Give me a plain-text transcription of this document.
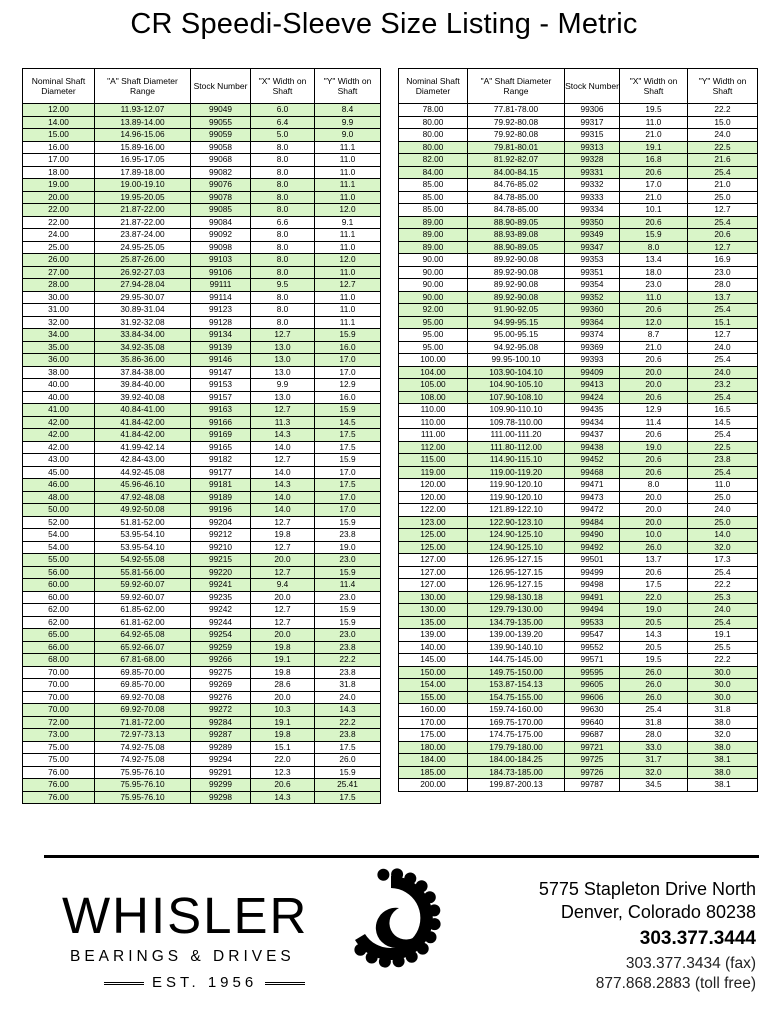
CR Speedi-Sleeve Size Listing - Metric
Nominal Shaft Diameter	"A" Shaft Diameter Range	Stock Number	"X" Width on Shaft	"Y" Width on Shaft
12.00	11.93-12.07	99049	6.0	8.4
14.00	13.89-14.00	99055	6.4	9.9
15.00	14.96-15.06	99059	5.0	9.0
16.00	15.89-16.00	99058	8.0	11.1
17.00	16.95-17.05	99068	8.0	11.0
18.00	17.89-18.00	99082	8.0	11.0
19.00	19.00-19.10	99076	8.0	11.1
20.00	19.95-20.05	99078	8.0	11.0
22.00	21.87-22.00	99085	8.0	12.0
22.00	21.87-22.00	99084	6.6	9.1
24.00	23.87-24.00	99092	8.0	11.1
25.00	24.95-25.05	99098	8.0	11.0
26.00	25.87-26.00	99103	8.0	12.0
27.00	26.92-27.03	99106	8.0	11.0
28.00	27.94-28.04	99111	9.5	12.7
30.00	29.95-30.07	99114	8.0	11.0
31.00	30.89-31.04	99123	8.0	11.0
32.00	31.92-32.08	99128	8.0	11.1
34.00	33.84-34.00	99134	12.7	15.9
35.00	34.92-35.08	99139	13.0	16.0
36.00	35.86-36.00	99146	13.0	17.0
38.00	37.84-38.00	99147	13.0	17.0
40.00	39.84-40.00	99153	9.9	12.9
40.00	39.92-40.08	99157	13.0	16.0
41.00	40.84-41.00	99163	12.7	15.9
42.00	41.84-42.00	99166	11.3	14.5
42.00	41.84-42.00	99169	14.3	17.5
42.00	41.99-42.14	99165	14.0	17.5
43.00	42.84-43.00	99182	12.7	15.9
45.00	44.92-45.08	99177	14.0	17.0
46.00	45.96-46.10	99181	14.3	17.5
48.00	47.92-48.08	99189	14.0	17.0
50.00	49.92-50.08	99196	14.0	17.0
52.00	51.81-52.00	99204	12.7	15.9
54.00	53.95-54.10	99212	19.8	23.8
54.00	53.95-54.10	99210	12.7	19.0
55.00	54.92-55.08	99215	20.0	23.0
56.00	55.81-56.00	99220	12.7	15.9
60.00	59.92-60.07	99241	9.4	11.4
60.00	59.92-60.07	99235	20.0	23.0
62.00	61.85-62.00	99242	12.7	15.9
62.00	61.81-62.00	99244	12.7	15.9
65.00	64.92-65.08	99254	20.0	23.0
66.00	65.92-66.07	99259	19.8	23.8
68.00	67.81-68.00	99266	19.1	22.2
70.00	69.85-70.00	99275	19.8	23.8
70.00	69.85-70.00	99269	28.6	31.8
70.00	69.92-70.08	99276	20.0	24.0
70.00	69.92-70.08	99272	10.3	14.3
72.00	71.81-72.00	99284	19.1	22.2
73.00	72.97-73.13	99287	19.8	23.8
75.00	74.92-75.08	99289	15.1	17.5
75.00	74.92-75.08	99294	22.0	26.0
76.00	75.95-76.10	99291	12.3	15.9
76.00	75.95-76.10	99299	20.6	25.41
76.00	75.95-76.10	99298	14.3	17.5
Nominal Shaft Diameter	"A" Shaft Diameter Range	Stock Number	"X" Width on Shaft	"Y" Width on Shaft
78.00	77.81-78.00	99306	19.5	22.2
80.00	79.92-80.08	99317	11.0	15.0
80.00	79.92-80.08	99315	21.0	24.0
80.00	79.81-80.01	99313	19.1	22.5
82.00	81.92-82.07	99328	16.8	21.6
84.00	84.00-84.15	99331	20.6	25.4
85.00	84.76-85.02	99332	17.0	21.0
85.00	84.78-85.00	99333	21.0	25.0
85.00	84.78-85.00	99334	10.1	12.7
89.00	88.90-89.05	99350	20.6	25.4
89.00	88.93-89.08	99349	15.9	20.6
89.00	88.90-89.05	99347	8.0	12.7
90.00	89.92-90.08	99353	13.4	16.9
90.00	89.92-90.08	99351	18.0	23.0
90.00	89.92-90.08	99354	23.0	28.0
90.00	89.92-90.08	99352	11.0	13.7
92.00	91.90-92.05	99360	20.6	25.4
95.00	94.99-95.15	99364	12.0	15.1
95.00	95.00-95.15	99374	8.7	12.7
95.00	94.92-95.08	99369	21.0	24.0
100.00	99.95-100.10	99393	20.6	25.4
104.00	103.90-104.10	99409	20.0	24.0
105.00	104.90-105.10	99413	20.0	23.2
108.00	107.90-108.10	99424	20.6	25.4
110.00	109.90-110.10	99435	12.9	16.5
110.00	109.78-110.00	99434	11.4	14.5
111.00	111.00-111.20	99437	20.6	25.4
112.00	111.80-112.00	99438	19.0	22.5
115.00	114.90-115.10	99452	20.6	23.8
119.00	119.00-119.20	99468	20.6	25.4
120.00	119.90-120.10	99471	8.0	11.0
120.00	119.90-120.10	99473	20.0	25.0
122.00	121.89-122.10	99472	20.0	24.0
123.00	122.90-123.10	99484	20.0	25.0
125.00	124.90-125.10	99490	10.0	14.0
125.00	124.90-125.10	99492	26.0	32.0
127.00	126.95-127.15	99501	13.7	17.3
127.00	126.95-127.15	99499	20.6	25.4
127.00	126.95-127.15	99498	17.5	22.2
130.00	129.98-130.18	99491	22.0	25.3
130.00	129.79-130.00	99494	19.0	24.0
135.00	134.79-135.00	99533	20.5	25.4
139.00	139.00-139.20	99547	14.3	19.1
140.00	139.90-140.10	99552	20.5	25.5
145.00	144.75-145.00	99571	19.5	22.2
150.00	149.75-150.00	99595	26.0	30.0
154.00	153.87-154.13	99605	26.0	30.0
155.00	154.75-155.00	99606	26.0	30.0
160.00	159.74-160.00	99630	25.4	31.8
170.00	169.75-170.00	99640	31.8	38.0
175.00	174.75-175.00	99687	28.0	32.0
180.00	179.79-180.00	99721	33.0	38.0
184.00	184.00-184.25	99725	31.7	38.1
185.00	184.73-185.00	99726	32.0	38.0
200.00	199.87-200.13	99787	34.5	38.1
WHISLER
BEARINGS & DRIVES
EST. 1956
5775 Stapleton Drive North
Denver, Colorado 80238
303.377.3444
303.377.3434 (fax)
877.868.2883 (toll free)
